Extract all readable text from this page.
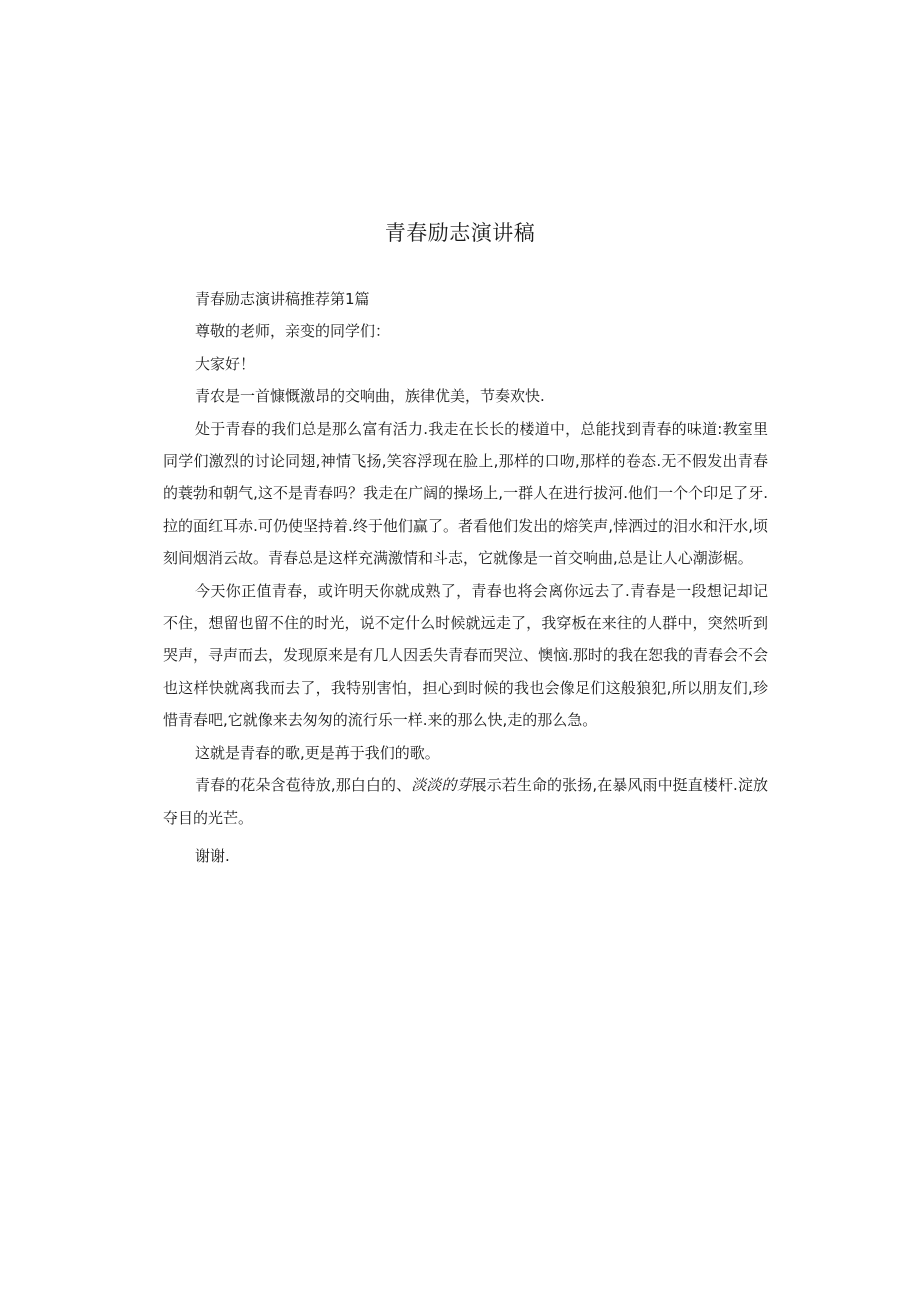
青春励志演讲稿

青春励志演讲稿推荐第1篇

尊敬的老师，亲变的同学们：

大家好！

青农是一首慷慨激昂的交响曲，族律优美，节奏欢快.

处于青春的我们总是那么富有活力.我走在长长的楼道中，总能找到青春的味道:教室里同学们激烈的讨论同翅,神情飞扬,笑容浮现在脸上,那样的口吻,那样的卷态.无不假发出青春的蓑勃和朝气,这不是青春吗？我走在广阔的操场上,一群人在进行拔河.他们一个个印足了牙.拉的面红耳赤.可仍使坚持着.终于他们赢了。者看他们发出的熔笑声,悻洒过的泪水和汗水,顷刻间烟消云故。青春总是这样充满激情和斗志，它就像是一首交响曲,总是让人心潮澎椐。

今天你正值青春，或许明天你就成熟了，青春也将会离你远去了.青春是一段想记却记不住，想留也留不住的时光，说不定什么时候就远走了，我穿板在来往的人群中，突然听到哭声，寻声而去，发现原来是有几人因丢失青春而哭泣、懊恼.那时的我在恕我的青春会不会也这样快就离我而去了，我特别害怕，担心到时候的我也会像足们这般狼犯,所以朋友们,珍惜青春吧,它就像来去匆匆的流行乐一样.来的那么快,走的那么急。

这就是青春的歌,更是苒于我们的歌。

青春的花朵含苞待放,那白白的、淡淡的芽展示若生命的张扬,在暴风雨中挺直楼杆.淀放夺目的光芒。

谢谢.
